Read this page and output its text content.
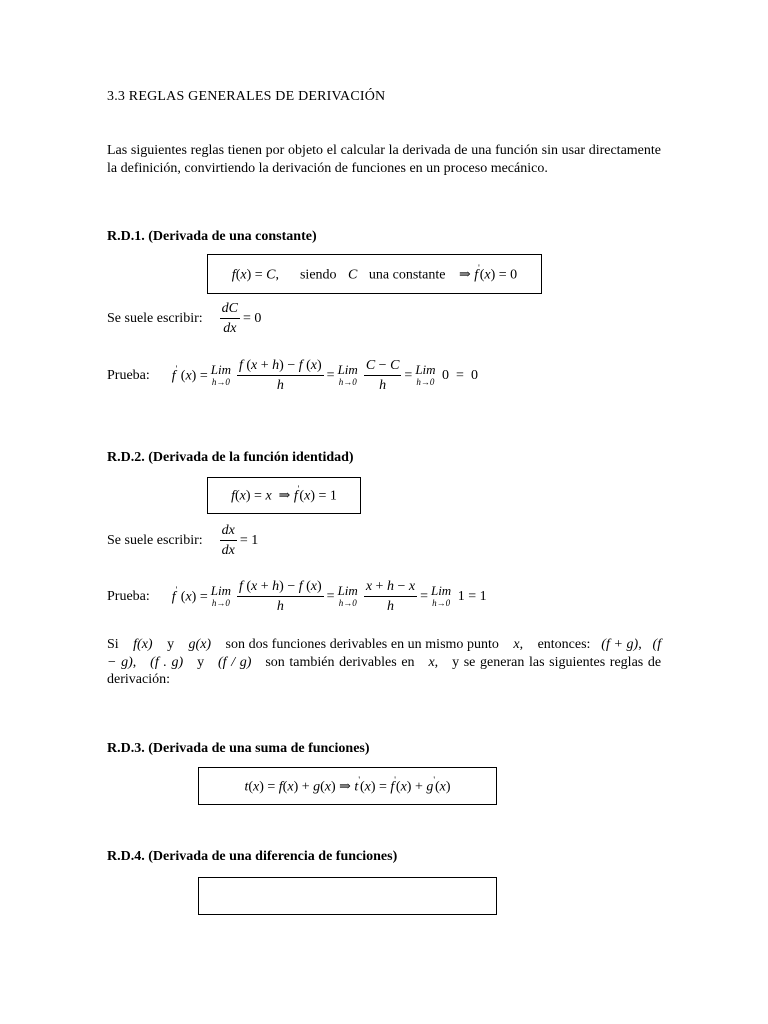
3.3 REGLAS GENERALES DE DERIVACIÓN
Las siguientes reglas tienen por objeto el calcular la derivada de una función sin usar directamente la definición, convirtiendo la derivación de funciones en un proceso mecánico.
R.D.1. (Derivada de una constante)
f(x) = C,  siendo C una constante ⇒ f'(x) = 0
Se suele escribir: $\frac{dC}{dx} = 0$
Prueba: f' (x) = Lim
$h\to 0 \frac{f (x + h) - f (x)}{h}$ = Lim
$h\to 0 \frac{C - C}{h}$ = Lim
h→0 0  =  0
R.D.2. (Derivada de la función identidad)
f(x) = x  ⇒ f'(x) = 1
Se suele escribir: $\frac{dx}{dx} = 1$
Prueba: f' (x) = Lim
$h\to 0 \frac{f (x + h) - f (x)}{h}$ = Lim
$h\to 0 \frac{x + h - x}{h}$ = Lim
h→0 1 = 1
Si f(x) y g(x) son dos funciones derivables en un mismo punto x,    entonces: (f + g),   (f − g),   (f . g) y (f / g) son también derivables en x,   y se generan las siguientes reglas de derivación:
R.D.3. (Derivada de una suma de funciones)
t(x) = f(x) + g(x) ⇒ t'(x) = f'(x) + g'(x)
R.D.4. (Derivada de una diferencia de funciones)
